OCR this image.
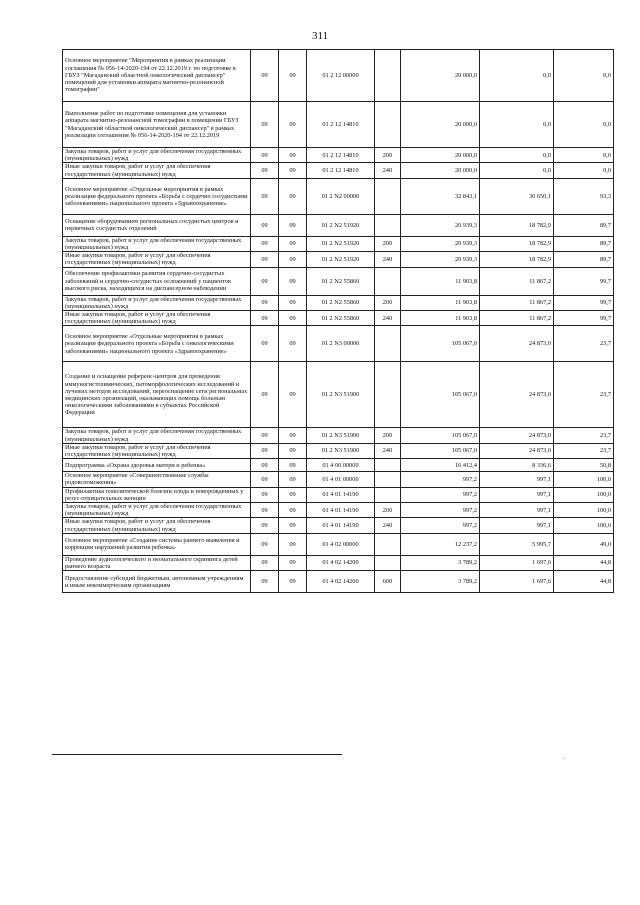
311
Основное мероприятие "Мероприятия в рамках реализации соглашения № 056-14-2020-194 от 22.12.2019 г. по подготовке в ГБУЗ "Магаданский областной онкологический диспансер" помещений для установки аппарата магнитно-резонансной томографии"	09	09	01 2 12 00000		20 000,0	0,0	0,0
Выполнение работ по подготовке помещения для установки аппарата магнитно-резонансной томографии в помещении ГБУЗ "Магаданский областной онкологический диспансер" в рамках реализации соглашения № 056-14-2020-194 от 22.12.2019	09	09	01 2 12 14810		20 000,0	0,0	0,0
Закупка товаров, работ и услуг для обеспечения государственных (муниципальных) нужд	09	09	01 2 12 14810	200	20 000,0	0,0	0,0
Иные закупки товаров, работ и услуг для обеспечения государственных (муниципальных) нужд	09	09	01 2 12 14810	240	20 000,0	0,0	0,0
Основное мероприятие «Отдельные мероприятия в рамках реализации федерального проекта «Борьба с сердечно сосудистыми заболеваниями» национального проекта «Здравоохранение»	09	09	01 2 N2 00000		32 843,1	30 650,1	93,3
Оснащение оборудованием региональных сосудистых центров и первичных сосудистых отделений	09	09	01 2 N2 51920		20 939,3	18 782,9	89,7
Закупка товаров, работ и услуг для обеспечения государственных (муниципальных) нужд	09	09	01 2 N2 51920	200	20 939,3	18 782,9	89,7
Иные закупки товаров, работ и услуг для обеспечения государственных (муниципальных) нужд	09	09	01 2 N2 51920	240	20 939,3	18 782,9	89,7
Обеспечение профилактики развития сердечно-сосудистых заболеваний и сердечно-сосудистых осложнений у пациентов высокого риска, находящихся на диспансерном наблюдении	09	09	01 2 N2 55860		11 903,8	11 867,2	99,7
Закупка товаров, работ и услуг для обеспечения государственных (муниципальных) нужд	09	09	01 2 N2 55860	200	11 903,8	11 867,2	99,7
Иные закупки товаров, работ и услуг для обеспечения государственных (муниципальных) нужд	09	09	01 2 N2 55860	240	11 903,8	11 867,2	99,7
Основное мероприятие «Отдельные мероприятия в рамках реализации федерального проекта «Борьба с онкологическими заболеваниями» национального проекта «Здравоохранение»	09	09	01 2 N3 00000		105 067,0	24 873,0	23,7
Создание и оснащение референс-центров для проведения иммуногистохимических, патоморфологических исследований и лучевых методов исследований, переоснащение сети региональных медицинских организаций, оказывающих помощь больным онкологическими заболеваниями в субъектах Российской Федерации	09	09	01 2 N3 51900		105 067,0	24 873,0	23,7
Закупка товаров, работ и услуг для обеспечения государственных (муниципальных) нужд	09	09	01 2 N3 51900	200	105 067,0	24 873,0	23,7
Иные закупки товаров, работ и услуг для обеспечения государственных (муниципальных) нужд	09	09	01 2 N3 51900	240	105 067,0	24 873,0	23,7
Подпрограмма «Охрана здоровья матери и ребенка»	09	09	01 4 00 00000		16 412,4	8 336,6	50,8
Основное мероприятие «Совершенствование службы родовспоможения»	09	09	01 4 01 00000		997,2	997,1	100,0
Профилактика гемолитической болезни плода и новорожденных у резус-отрицательных женщин	09	09	01 4 01 14190		997,2	997,1	100,0
Закупка товаров, работ и услуг для обеспечения государственных (муниципальных) нужд	09	09	01 4 01 14190	200	997,2	997,1	100,0
Иные закупки товаров, работ и услуг для обеспечения государственных (муниципальных) нужд	09	09	01 4 01 14190	240	997,2	997,1	100,0
Основное мероприятие «Создание системы раннего выявления и коррекции нарушений развития ребенка»	09	09	01 4 02 00000		12 237,2	5 995,7	49,0
Проведение аудиологического и неонатального скрининга детей раннего возраста	09	09	01 4 02 14200		3 789,2	1 697,6	44,8
Предоставление субсидий бюджетным, автономным учреждениям и иным некоммерческим организациям	09	09	01 4 02 14200	600	3 789,2	1 697,6	44,8
.
